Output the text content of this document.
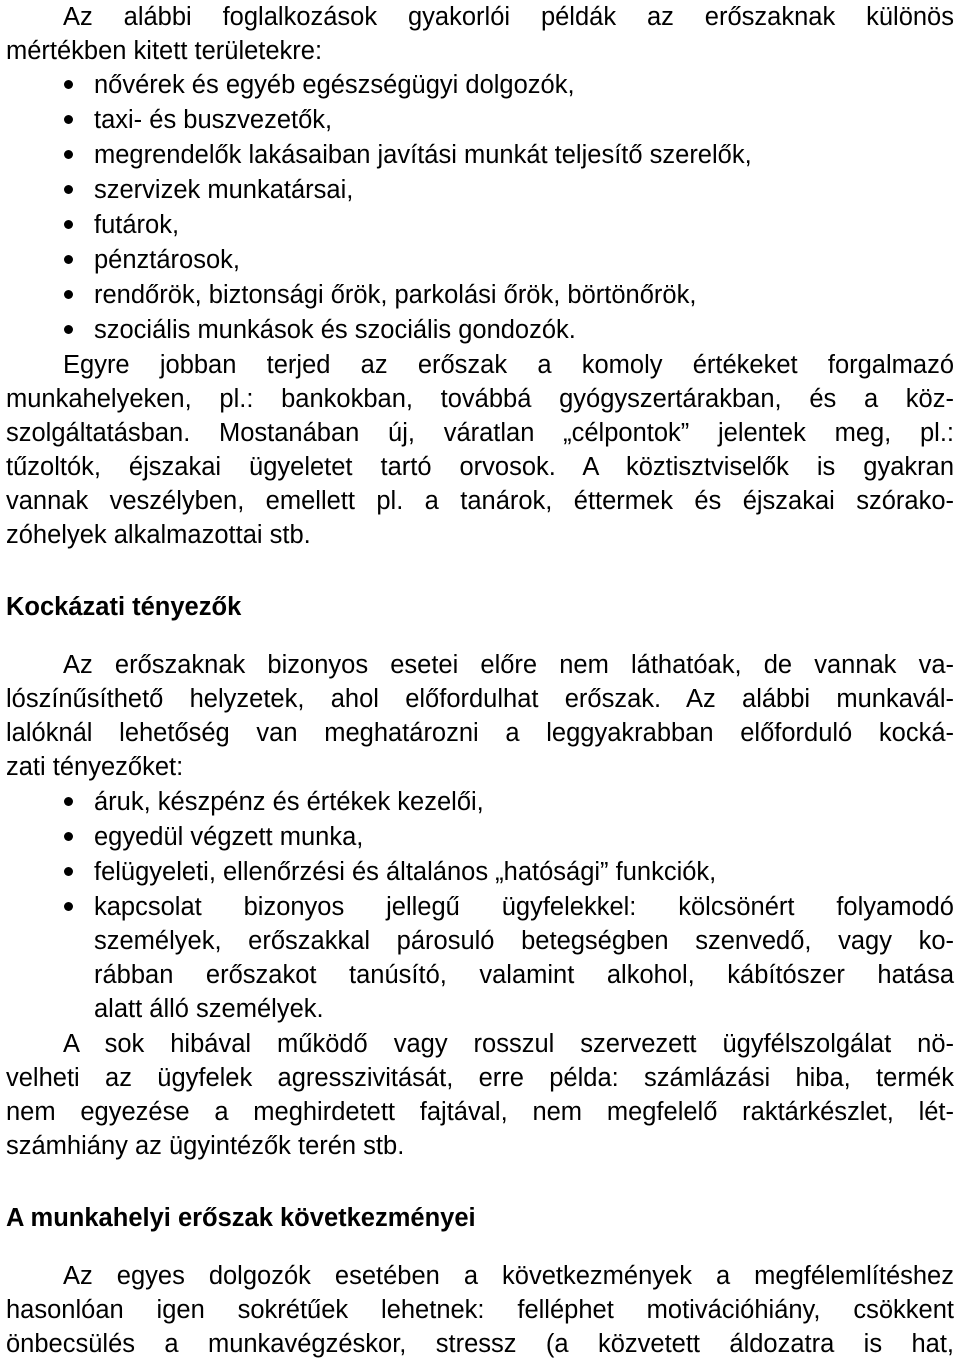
Az alábbi foglalkozások gyakorlói példák az erőszaknak különös
mértékben kitett területekre:
nővérek és egyéb egészségügyi dolgozók,
taxi- és buszvezetők,
megrendelők lakásaiban javítási munkát teljesítő szerelők,
szervizek munkatársai,
futárok,
pénztárosok,
rendőrök, biztonsági őrök, parkolási őrök, börtönőrök,
szociális munkások és szociális gondozók.
Egyre jobban terjed az erőszak a komoly értékeket forgalmazó
munkahelyeken, pl.: bankokban, továbbá gyógyszertárakban, és a köz-
szolgáltatásban. Mostanában új, váratlan „célpontok” jelentek meg, pl.:
tűzoltók, éjszakai ügyeletet tartó orvosok. A köztisztviselők is gyakran
vannak veszélyben, emellett pl. a tanárok, éttermek és éjszakai szórako-
zóhelyek alkalmazottai stb.
Kockázati tényezők
Az erőszaknak bizonyos esetei előre nem láthatóak, de vannak va-
lószínűsíthető helyzetek, ahol előfordulhat erőszak. Az alábbi munkavál-
lalóknál lehetőség van meghatározni a leggyakrabban előforduló kocká-
zati tényezőket:
áruk, készpénz és értékek kezelői,
egyedül végzett munka,
felügyeleti, ellenőrzési és általános „hatósági” funkciók,
kapcsolat bizonyos jellegű ügyfelekkel: kölcsönért folyamodó
személyek, erőszakkal párosuló betegségben szenvedő, vagy ko-
rábban erőszakot tanúsító, valamint alkohol, kábítószer hatása
alatt álló személyek.
A sok hibával működő vagy rosszul szervezett ügyfélszolgálat nö-
velheti az ügyfelek agresszivitását, erre példa: számlázási hiba, termék
nem egyezése a meghirdetett fajtával, nem megfelelő raktárkészlet, lét-
számhiány az ügyintézők terén stb.
A munkahelyi erőszak következményei
Az egyes dolgozók esetében a következmények a megfélemlítéshez
hasonlóan igen sokrétűek lehetnek: felléphet motivációhiány, csökkent
önbecsülés a munkavégzéskor, stressz (a közvetett áldozatra is hat,
